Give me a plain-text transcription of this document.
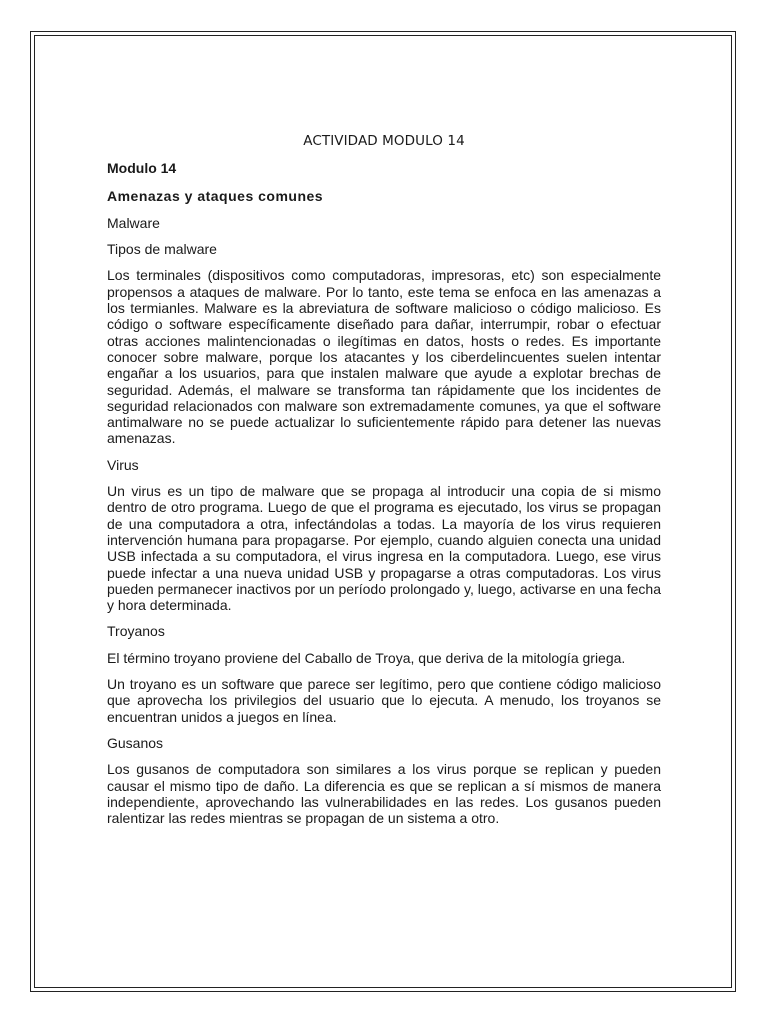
ACTIVIDAD MODULO 14
Modulo 14
Amenazas y ataques comunes
Malware
Tipos de malware

Los terminales (dispositivos como computadoras, impresoras, etc) son especialmente propensos a ataques de malware. Por lo tanto, este tema se enfoca en las amenazas a los termianles. Malware es la abreviatura de software malicioso o código malicioso. Es código o software específicamente diseñado para dañar, interrumpir, robar o efectuar otras acciones malintencionadas o ilegítimas en datos, hosts o redes. Es importante conocer sobre malware, porque los atacantes y los ciberdelincuentes suelen intentar engañar a los usuarios, para que instalen malware que ayude a explotar brechas de seguridad. Además, el malware se transforma tan rápidamente que los incidentes de seguridad relacionados con malware son extremadamente comunes, ya que el software antimalware no se puede actualizar lo suficientemente rápido para detener las nuevas amenazas.

Virus

Un virus es un tipo de malware que se propaga al introducir una copia de si mismo dentro de otro programa. Luego de que el programa es ejecutado, los virus se propagan de una computadora a otra, infectándolas a todas. La mayoría de los virus requieren intervención humana para propagarse. Por ejemplo, cuando alguien conecta una unidad USB infectada a su computadora, el virus ingresa en la computadora. Luego, ese virus puede infectar a una nueva unidad USB y propagarse a otras computadoras. Los virus pueden permanecer inactivos por un período prolongado y, luego, activarse en una fecha y hora determinada.

Troyanos

El término troyano proviene del Caballo de Troya, que deriva de la mitología griega.

Un troyano es un software que parece ser legítimo, pero que contiene código malicioso que aprovecha los privilegios del usuario que lo ejecuta. A menudo, los troyanos se encuentran unidos a juegos en línea.

Gusanos

Los gusanos de computadora son similares a los virus porque se replican y pueden causar el mismo tipo de daño. La diferencia es que se replican a sí mismos de manera independiente, aprovechando las vulnerabilidades en las redes. Los gusanos pueden ralentizar las redes mientras se propagan de un sistema a otro.
